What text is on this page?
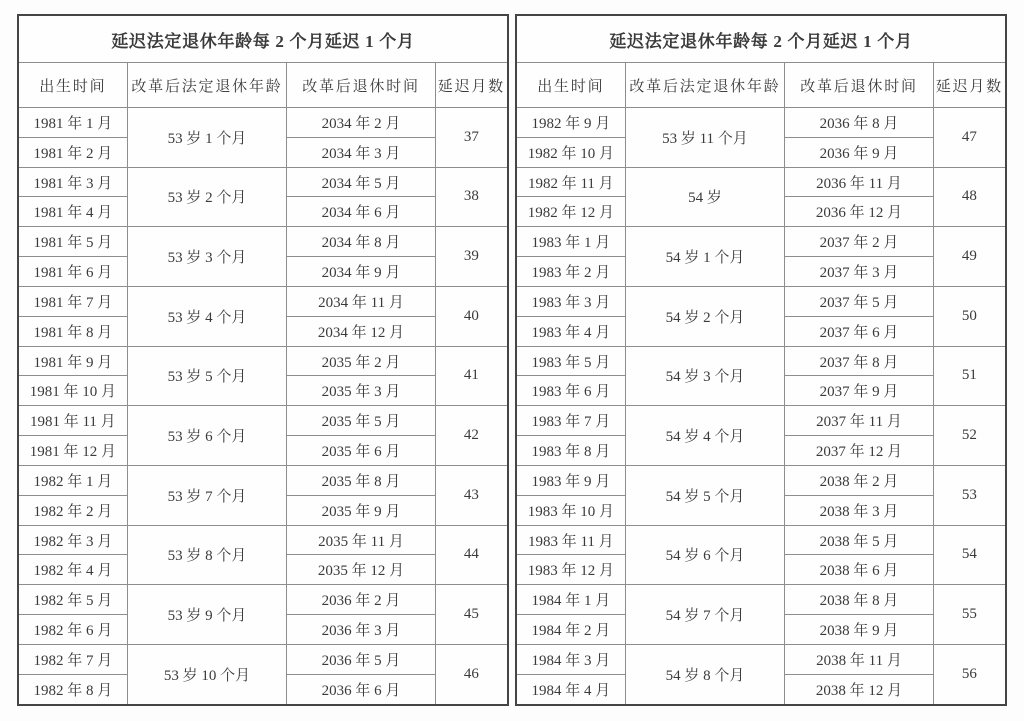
延迟法定退休年龄每 2 个月延迟 1 个月			
出生时间	改革后法定退休年龄	改革后退休时间	延迟月数
1981 年 1 月	53 岁 1 个月	2034 年 2 月	37
1981 年 2 月		2034 年 3 月	
1981 年 3 月	53 岁 2 个月	2034 年 5 月	38
1981 年 4 月		2034 年 6 月	
1981 年 5 月	53 岁 3 个月	2034 年 8 月	39
1981 年 6 月		2034 年 9 月	
1981 年 7 月	53 岁 4 个月	2034 年 11 月	40
1981 年 8 月		2034 年 12 月	
1981 年 9 月	53 岁 5 个月	2035 年 2 月	41
1981 年 10 月		2035 年 3 月	
1981 年 11 月	53 岁 6 个月	2035 年 5 月	42
1981 年 12 月		2035 年 6 月	
1982 年 1 月	53 岁 7 个月	2035 年 8 月	43
1982 年 2 月		2035 年 9 月	
1982 年 3 月	53 岁 8 个月	2035 年 11 月	44
1982 年 4 月		2035 年 12 月	
1982 年 5 月	53 岁 9 个月	2036 年 2 月	45
1982 年 6 月		2036 年 3 月	
1982 年 7 月	53 岁 10 个月	2036 年 5 月	46
1982 年 8 月		2036 年 6 月	
延迟法定退休年龄每 2 个月延迟 1 个月			
出生时间	改革后法定退休年龄	改革后退休时间	延迟月数
1982 年 9 月	53 岁 11 个月	2036 年 8 月	47
1982 年 10 月		2036 年 9 月	
1982 年 11 月	54 岁	2036 年 11 月	48
1982 年 12 月		2036 年 12 月	
1983 年 1 月	54 岁 1 个月	2037 年 2 月	49
1983 年 2 月		2037 年 3 月	
1983 年 3 月	54 岁 2 个月	2037 年 5 月	50
1983 年 4 月		2037 年 6 月	
1983 年 5 月	54 岁 3 个月	2037 年 8 月	51
1983 年 6 月		2037 年 9 月	
1983 年 7 月	54 岁 4 个月	2037 年 11 月	52
1983 年 8 月		2037 年 12 月	
1983 年 9 月	54 岁 5 个月	2038 年 2 月	53
1983 年 10 月		2038 年 3 月	
1983 年 11 月	54 岁 6 个月	2038 年 5 月	54
1983 年 12 月		2038 年 6 月	
1984 年 1 月	54 岁 7 个月	2038 年 8 月	55
1984 年 2 月		2038 年 9 月	
1984 年 3 月	54 岁 8 个月	2038 年 11 月	56
1984 年 4 月		2038 年 12 月	
